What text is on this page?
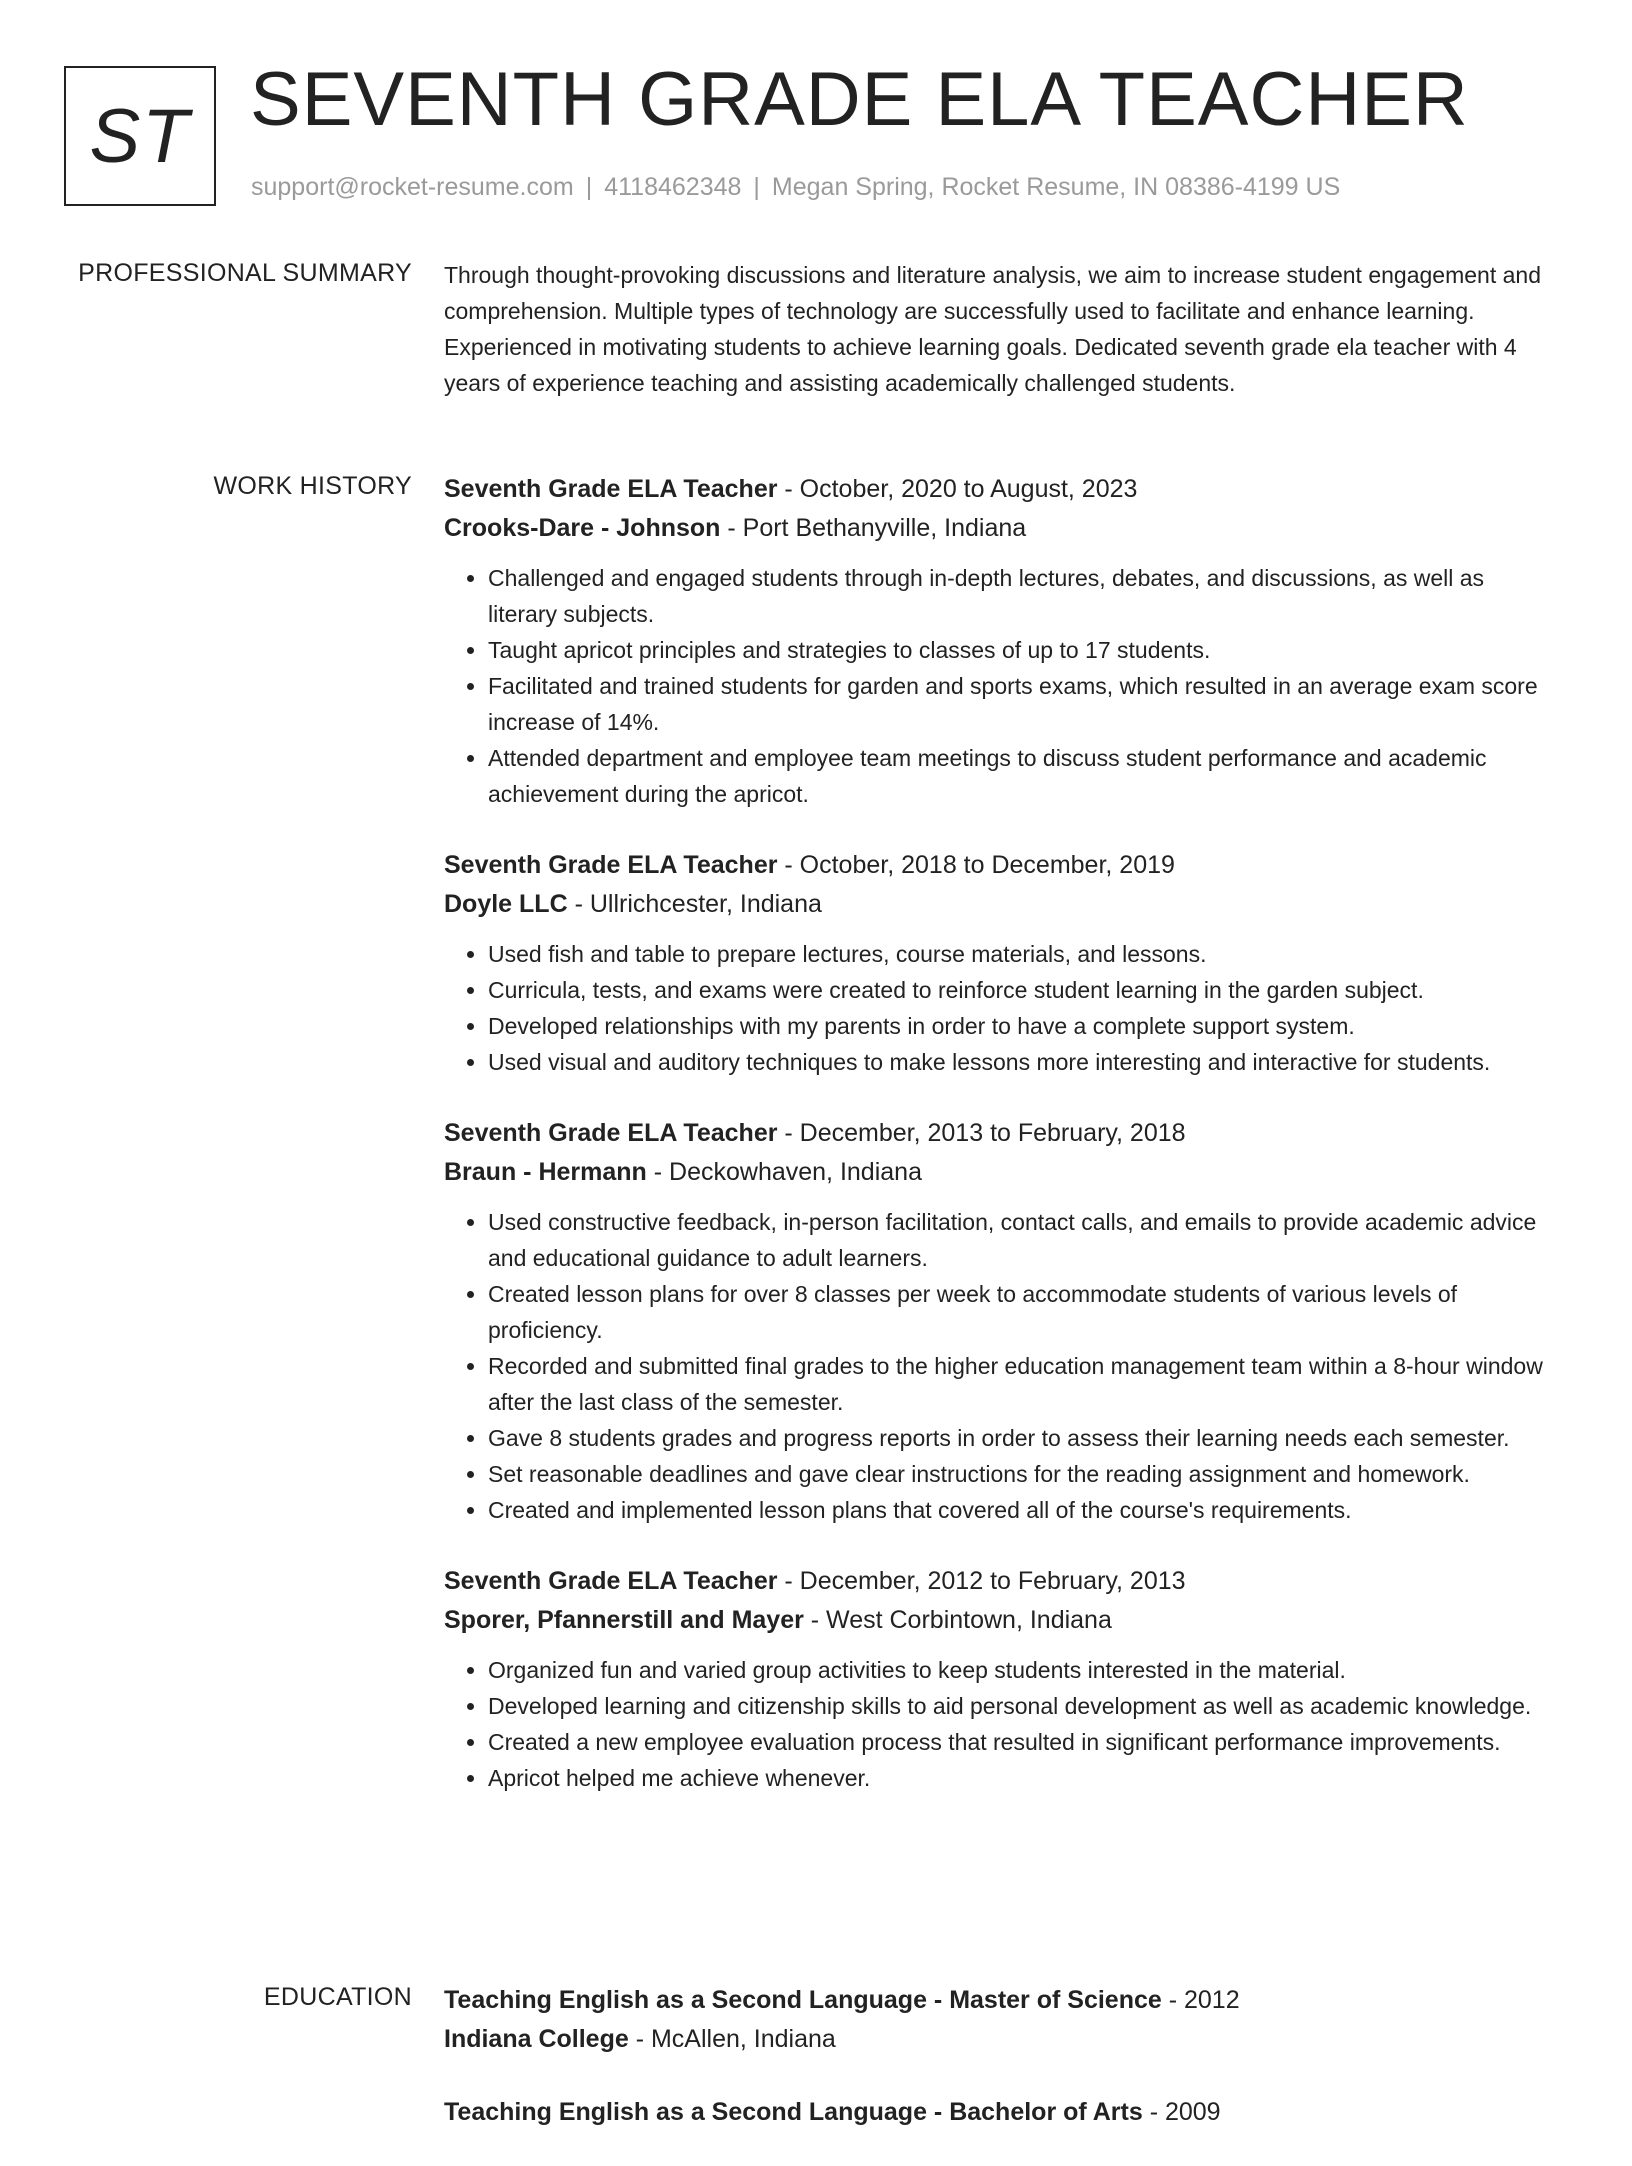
ST SEVENTH GRADE ELA TEACHER
support@rocket-resume.com | 4118462348 | Megan Spring, Rocket Resume, IN 08386-4199 US
PROFESSIONAL SUMMARY Through thought-provoking discussions and literature analysis, we aim to increase student engagement and comprehension. Multiple types of technology are successfully used to facilitate and enhance learning. Experienced in motivating students to achieve learning goals. Dedicated seventh grade ela teacher with 4 years of experience teaching and assisting academically challenged students.

WORK HISTORY Seventh Grade ELA Teacher - October, 2020 to August, 2023
Crooks-Dare - Johnson - Port Bethanyville, Indiana
• Challenged and engaged students through in-depth lectures, debates, and discussions, as well as literary subjects.
• Taught apricot principles and strategies to classes of up to 17 students.
• Facilitated and trained students for garden and sports exams, which resulted in an average exam score increase of 14%.
• Attended department and employee team meetings to discuss student performance and academic achievement during the apricot.
Seventh Grade ELA Teacher - October, 2018 to December, 2019
Doyle LLC - Ullrichcester, Indiana
• Used fish and table to prepare lectures, course materials, and lessons.
• Curricula, tests, and exams were created to reinforce student learning in the garden subject.
• Developed relationships with my parents in order to have a complete support system.
• Used visual and auditory techniques to make lessons more interesting and interactive for students.
Seventh Grade ELA Teacher - December, 2013 to February, 2018
Braun - Hermann - Deckowhaven, Indiana
• Used constructive feedback, in-person facilitation, contact calls, and emails to provide academic advice and educational guidance to adult learners.
• Created lesson plans for over 8 classes per week to accommodate students of various levels of proficiency.
• Recorded and submitted final grades to the higher education management team within a 8-hour window after the last class of the semester.
• Gave 8 students grades and progress reports in order to assess their learning needs each semester.
• Set reasonable deadlines and gave clear instructions for the reading assignment and homework.
• Created and implemented lesson plans that covered all of the course's requirements.
Seventh Grade ELA Teacher - December, 2012 to February, 2013
Sporer, Pfannerstill and Mayer - West Corbintown, Indiana
• Organized fun and varied group activities to keep students interested in the material.
• Developed learning and citizenship skills to aid personal development as well as academic knowledge.
• Created a new employee evaluation process that resulted in significant performance improvements.
• Apricot helped me achieve whenever.
EDUCATION Teaching English as a Second Language - Master of Science - 2012
Indiana College - McAllen, Indiana
Teaching English as a Second Language - Bachelor of Arts - 2009
